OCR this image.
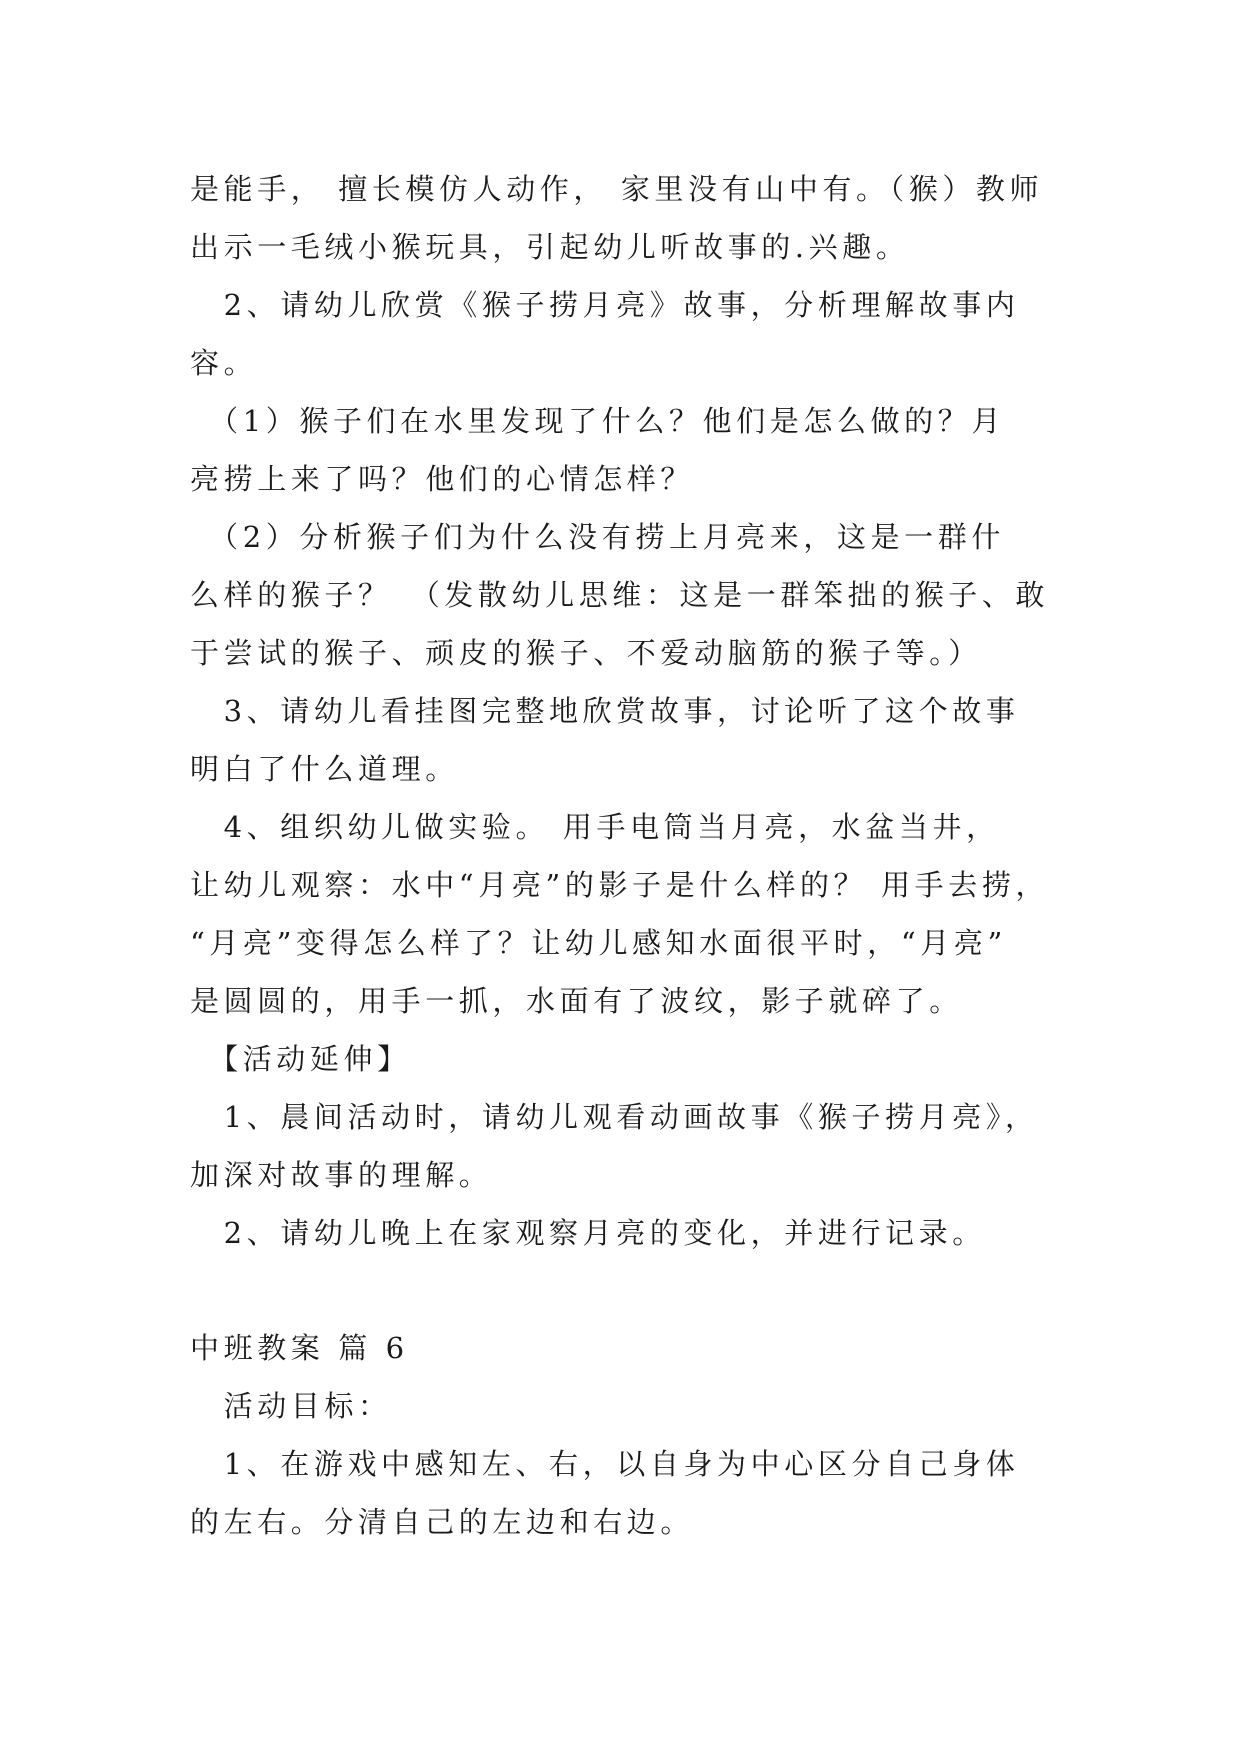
是能手， 擅长模仿人动作， 家里没有山中有。（猴）教师
出示一毛绒小猴玩具，引起幼儿听故事的.兴趣。
　2、请幼儿欣赏《猴子捞月亮》故事，分析理解故事内
容。
　（1）猴子们在水里发现了什么？他们是怎么做的？月
亮捞上来了吗？他们的心情怎样？
　（2）分析猴子们为什么没有捞上月亮来，这是一群什
么样的猴子？　（发散幼儿思维：这是一群笨拙的猴子、敢
于尝试的猴子、顽皮的猴子、不爱动脑筋的猴子等。）
　3、请幼儿看挂图完整地欣赏故事，讨论听了这个故事
明白了什么道理。
　4、组织幼儿做实验。 用手电筒当月亮，水盆当井，
让幼儿观察：水中“月亮”的影子是什么样的？ 用手去捞，
“月亮”变得怎么样了？让幼儿感知水面很平时，“月亮”
是圆圆的，用手一抓，水面有了波纹，影子就碎了。
　【活动延伸】
　1、晨间活动时，请幼儿观看动画故事《猴子捞月亮》，
加深对故事的理解。
　2、请幼儿晚上在家观察月亮的变化，并进行记录。
中班教案 篇 6
　活动目标：
　1、在游戏中感知左、右，以自身为中心区分自己身体
的左右。分清自己的左边和右边。
